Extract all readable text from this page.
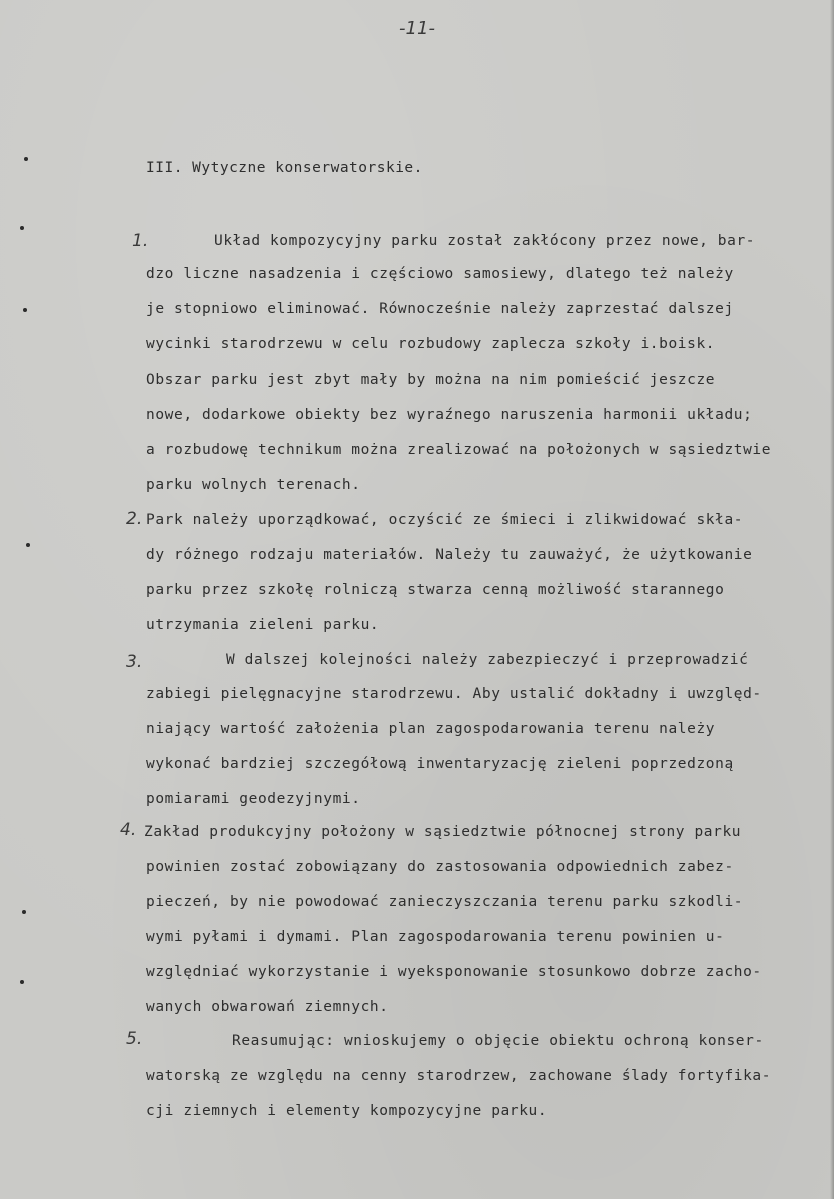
-11-
III. Wytyczne konserwatorskie.
1.	Układ kompozycyjny parku został zakłócony przez nowe, bar-
dzo liczne nasadzenia i częściowo samosiewy, dlatego też należy
je stopniowo eliminować. Równocześnie należy zaprzestać dalszej
wycinki starodrzewu w celu rozbudowy zaplecza szkoły i.boisk.
Obszar parku jest zbyt mały by można na nim pomieścić jeszcze
nowe, dodarkowe obiekty bez wyraźnego naruszenia harmonii układu;
a rozbudowę technikum można zrealizować na położonych w sąsiedztwie
parku wolnych terenach.
2. Park należy uporządkować, oczyścić ze śmieci i zlikwidować skła-
dy różnego rodzaju materiałów. Należy tu zauważyć, że użytkowanie
parku przez szkołę rolniczą stwarza cenną możliwość starannego
utrzymania zieleni parku.
3.	W dalszej kolejności należy zabezpieczyć i przeprowadzić
zabiegi pielęgnacyjne starodrzewu. Aby ustalić dokładny i uwzględ-
niający wartość założenia plan zagospodarowania terenu należy
wykonać bardziej szczegółową inwentaryzację zieleni poprzedzoną
pomiarami geodezyjnymi.
4. Zakład produkcyjny położony w sąsiedztwie północnej strony parku
powinien zostać zobowiązany do zastosowania odpowiednich zabez-
pieczeń, by nie powodować zanieczyszczania terenu parku szkodli-
wymi pyłami i dymami. Plan zagospodarowania terenu powinien u-
względniać wykorzystanie i wyeksponowanie stosunkowo dobrze zacho-
wanych obwarowań ziemnych.
5.	Reasumując: wnioskujemy o objęcie obiektu ochroną konser-
watorską ze względu na cenny starodrzew, zachowane ślady fortyfika-
cji ziemnych i elementy kompozycyjne parku.
